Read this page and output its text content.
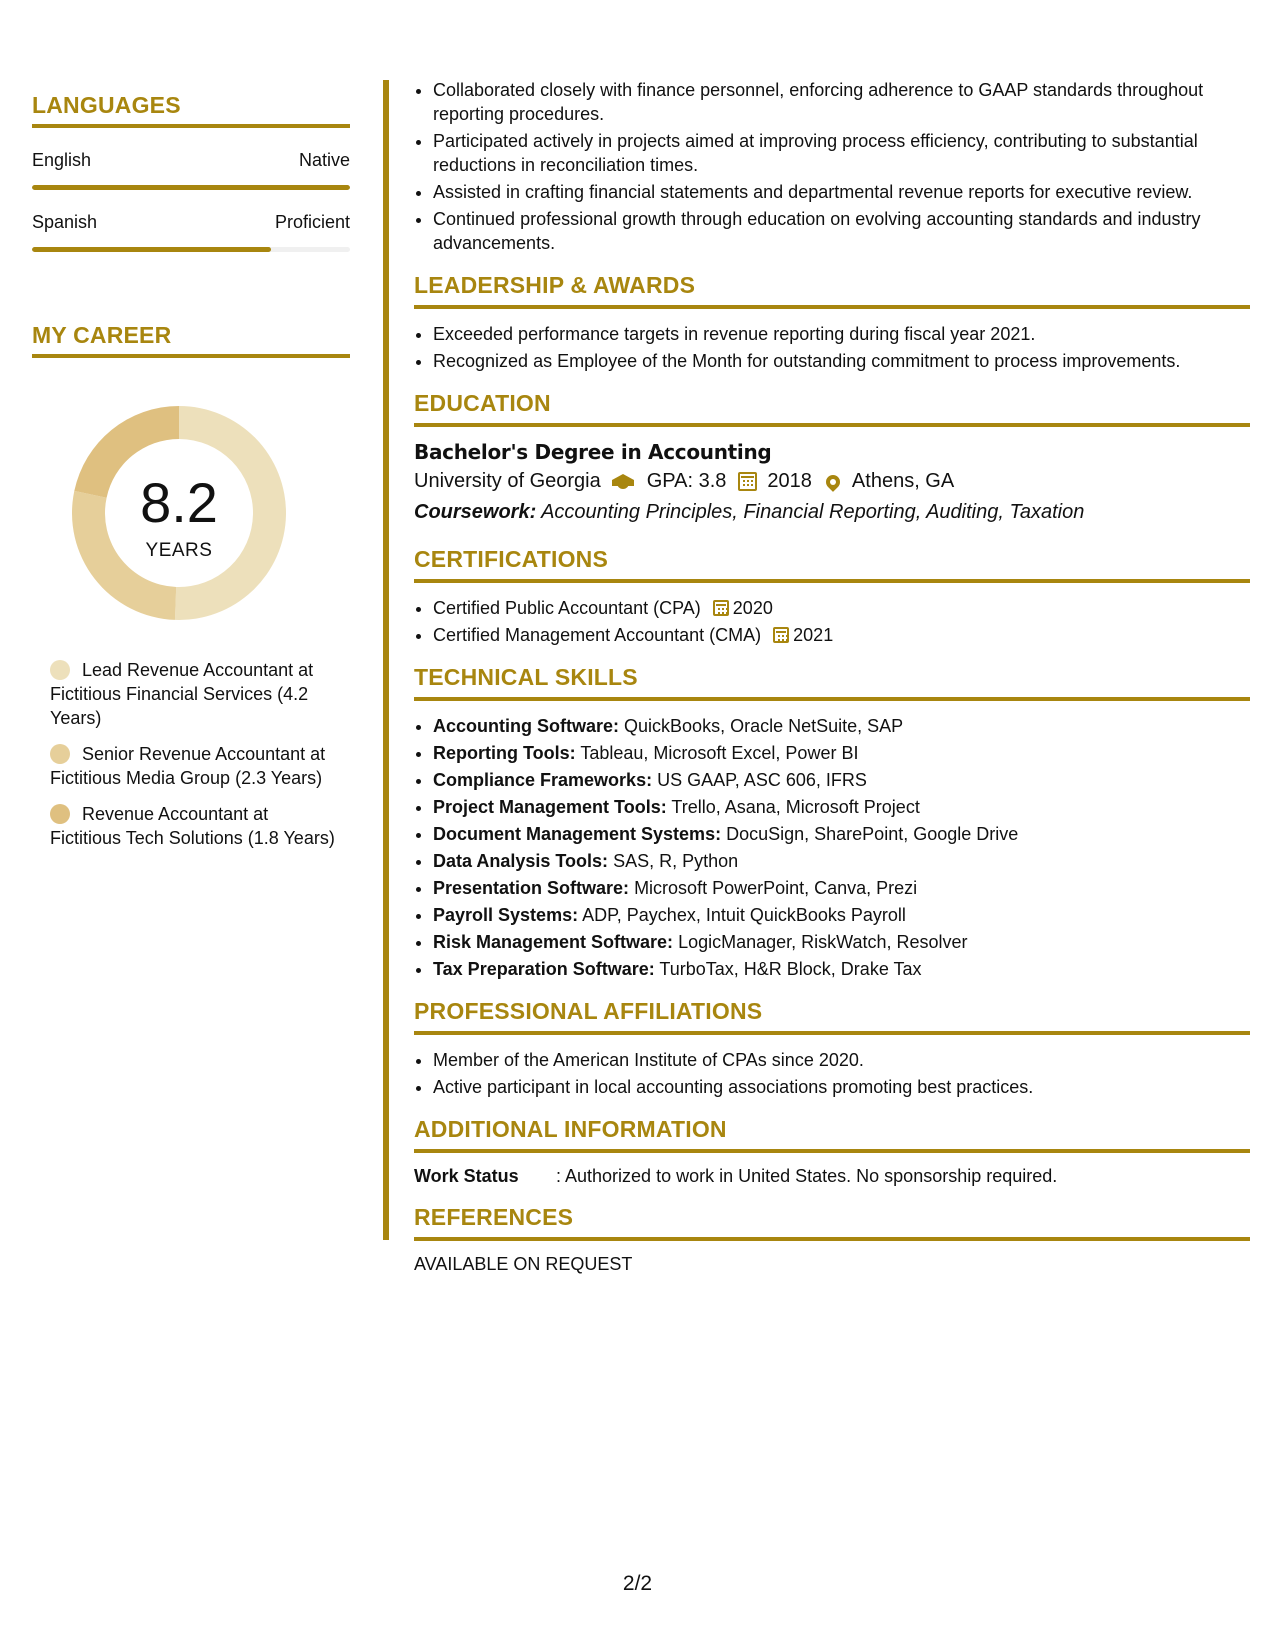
LANGUAGES
English	Native
Spanish	Proficient
MY CAREER
8.2
YEARS
Lead Revenue Accountant at Fictitious Financial Services (4.2 Years)
Senior Revenue Accountant at Fictitious Media Group (2.3 Years)
Revenue Accountant at Fictitious Tech Solutions (1.8 Years)
• Collaborated closely with finance personnel, enforcing adherence to GAAP standards throughout reporting procedures.
• Participated actively in projects aimed at improving process efficiency, contributing to substantial reductions in reconciliation times.
• Assisted in crafting financial statements and departmental revenue reports for executive review.
• Continued professional growth through education on evolving accounting standards and industry advancements.
LEADERSHIP & AWARDS
• Exceeded performance targets in revenue reporting during fiscal year 2021.
• Recognized as Employee of the Month for outstanding commitment to process improvements.
EDUCATION
Bachelor's Degree in Accounting
University of Georgia GPA: 3.8 2018 Athens, GA
Coursework: Accounting Principles, Financial Reporting, Auditing, Taxation
CERTIFICATIONS
• Certified Public Accountant (CPA) 2020
• Certified Management Accountant (CMA) 2021
TECHNICAL SKILLS
• Accounting Software: QuickBooks, Oracle NetSuite, SAP
• Reporting Tools: Tableau, Microsoft Excel, Power BI
• Compliance Frameworks: US GAAP, ASC 606, IFRS
• Project Management Tools: Trello, Asana, Microsoft Project
• Document Management Systems: DocuSign, SharePoint, Google Drive
• Data Analysis Tools: SAS, R, Python
• Presentation Software: Microsoft PowerPoint, Canva, Prezi
• Payroll Systems: ADP, Paychex, Intuit QuickBooks Payroll
• Risk Management Software: LogicManager, RiskWatch, Resolver
• Tax Preparation Software: TurboTax, H&R Block, Drake Tax
PROFESSIONAL AFFILIATIONS
• Member of the American Institute of CPAs since 2020.
• Active participant in local accounting associations promoting best practices.
ADDITIONAL INFORMATION
Work Status	: Authorized to work in United States. No sponsorship required.
REFERENCES
AVAILABLE ON REQUEST
2/2
